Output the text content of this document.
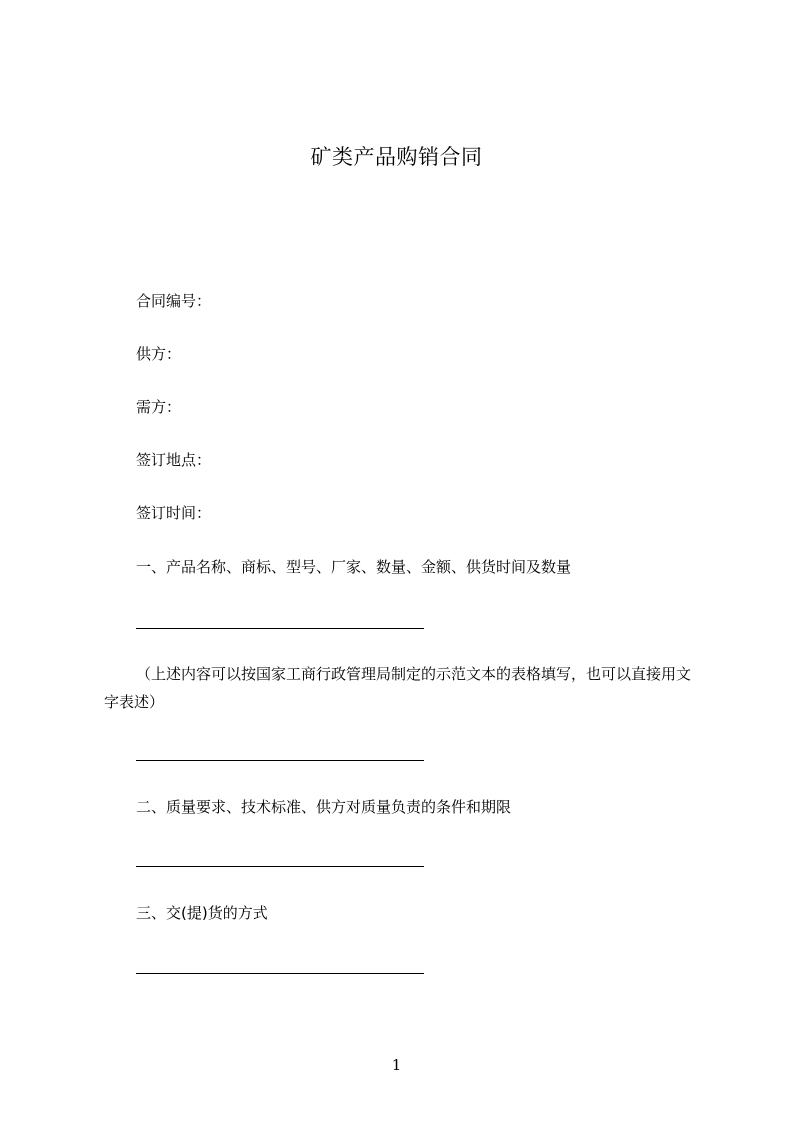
矿类产品购销合同
合同编号：
供方：
需方：
签订地点：
签订时间：
一、产品名称、商标、型号、厂家、数量、金额、供货时间及数量
（上述内容可以按国家工商行政管理局制定的示范文本的表格填写，也可以直接用文字表述）
二、质量要求、技术标准、供方对质量负责的条件和期限
三、交(提)货的方式
1
